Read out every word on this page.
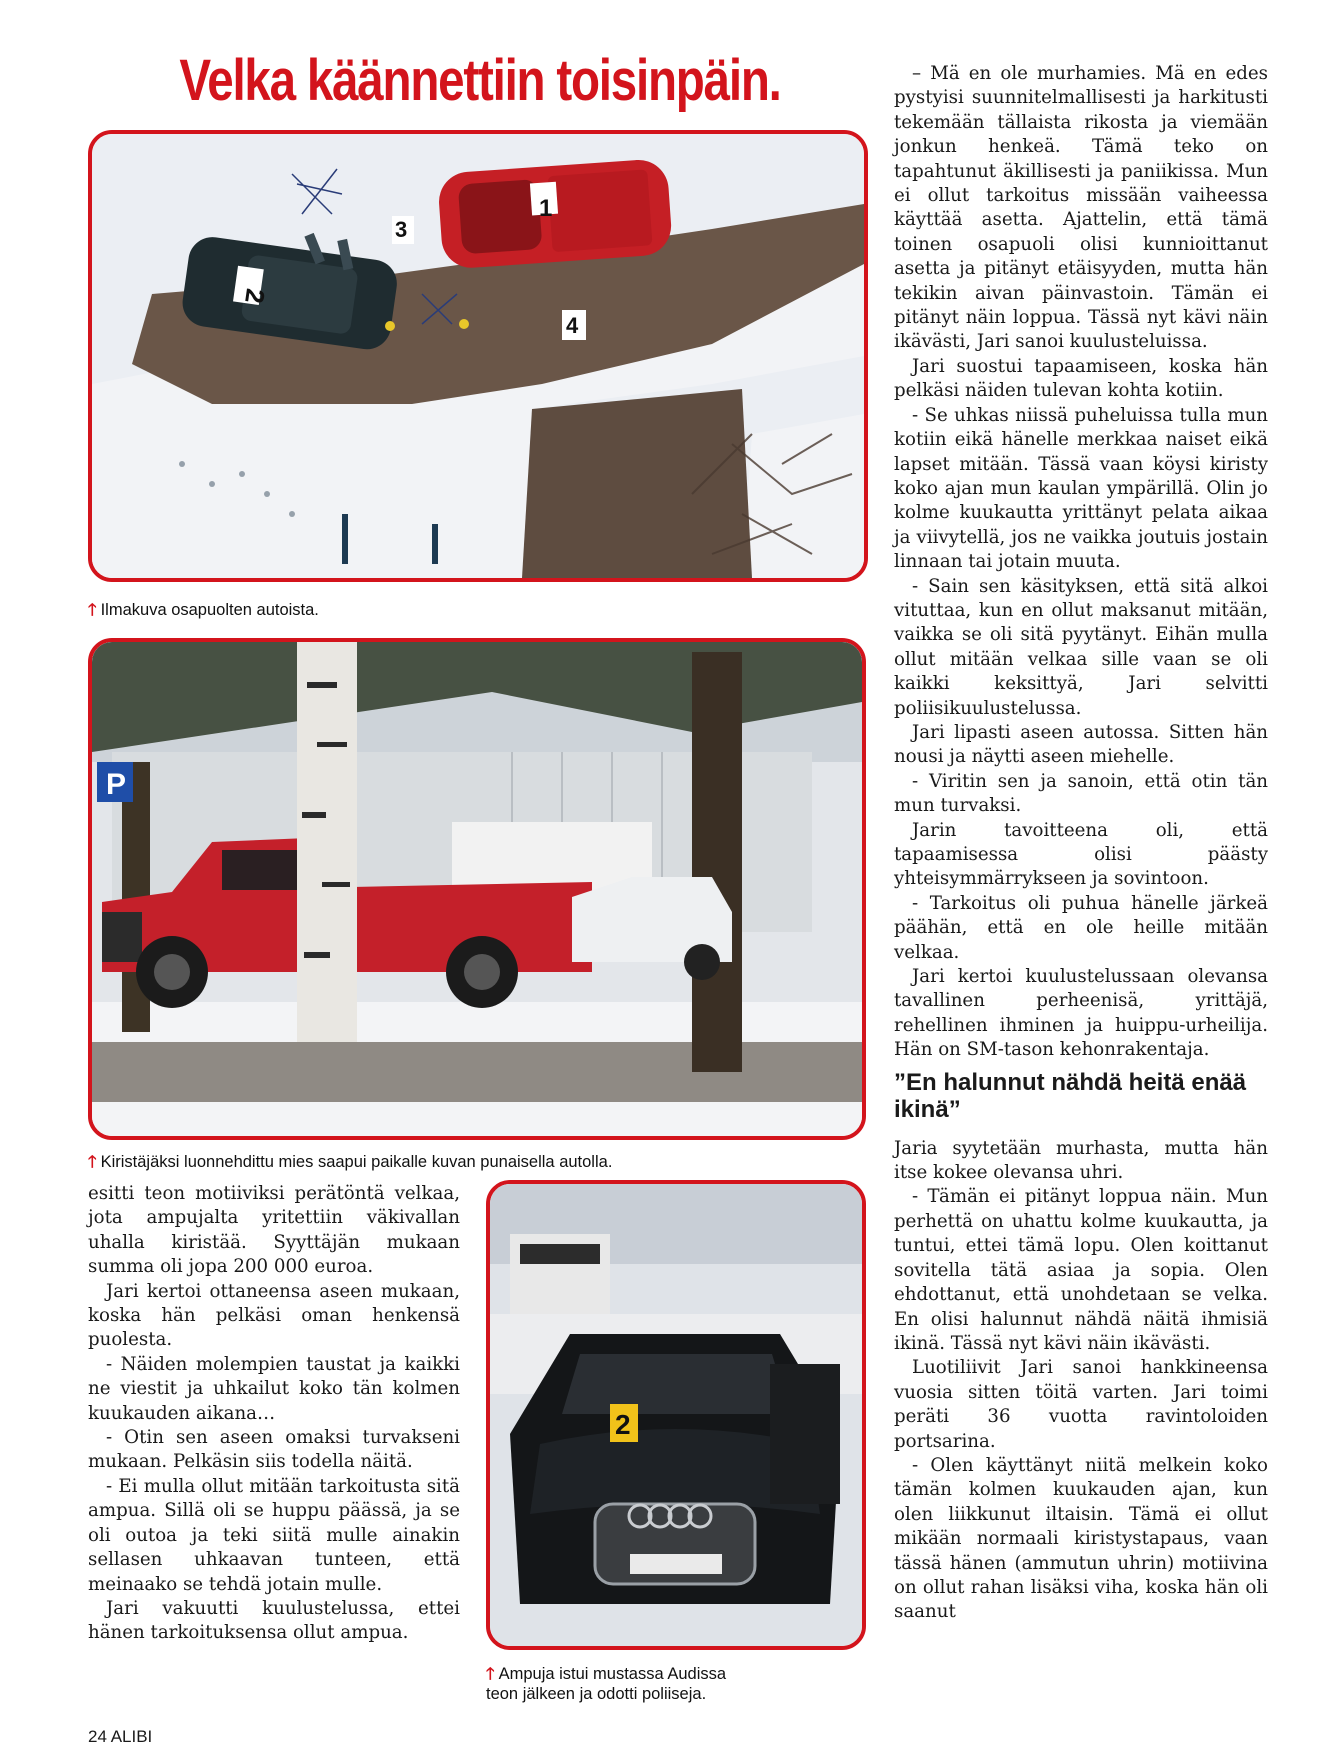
Velka käännettiin toisinpäin.
2
1
3
4
🡑 Ilmakuva osapuolten autoista.
P
🡑 Kiristäjäksi luonnehdittu mies saapui paikalle kuvan punaisella autolla.

esitti teon motiiviksi perätöntä velkaa, jota ampujalta yritettiin väkivallan uhalla kiristää. Syyttäjän mukaan summa oli jopa 200 000 euroa.

Jari kertoi ottaneensa aseen mukaan, koska hän pelkäsi oman henkensä puolesta.

- Näiden molempien taustat ja kaikki ne viestit ja uhkailut koko tän kolmen kuukauden aikana…

- Otin sen aseen omaksi turvakseni mukaan. Pelkäsin siis todella näitä.

- Ei mulla ollut mitään tarkoitusta sitä ampua. Sillä oli se huppu päässä, ja se oli outoa ja teki siitä mulle ainakin sellasen uhkaavan tunteen, että meinaako se tehdä jotain mulle.

Jari vakuutti kuulustelussa, ettei hänen tarkoituksensa ollut ampua.

2
🡑 Ampuja istui mustassa Audissa
teon jälkeen ja odotti poliiseja.

– Mä en ole murhamies. Mä en edes pystyisi suunnitelmallisesti ja harkitusti tekemään tällaista rikosta ja viemään jonkun henkeä. Tämä teko on tapahtunut äkillisesti ja paniikissa. Mun ei ollut tarkoitus missään vaiheessa käyttää asetta. Ajattelin, että tämä toinen osapuoli olisi kunnioittanut asetta ja pitänyt etäisyyden, mutta hän tekikin aivan päinvastoin. Tämän ei pitänyt näin loppua. Tässä nyt kävi näin ikävästi, Jari sanoi kuulusteluissa.

Jari suostui tapaamiseen, koska hän pelkäsi näiden tulevan kohta kotiin.

- Se uhkas niissä puheluissa tulla mun kotiin eikä hänelle merkkaa naiset eikä lapset mitään. Tässä vaan köysi kiristy koko ajan mun kaulan ympärillä. Olin jo kolme kuukautta yrittänyt pelata aikaa ja viivytellä, jos ne vaikka joutuis jostain linnaan tai jotain muuta.

- Sain sen käsityksen, että sitä alkoi vituttaa, kun en ollut maksanut mitään, vaikka se oli sitä pyytänyt. Eihän mulla ollut mitään velkaa sille vaan se oli kaikki keksittyä, Jari selvitti poliisikuulustelussa.

Jari lipasti aseen autossa. Sitten hän nousi ja näytti aseen miehelle.

- Viritin sen ja sanoin, että otin tän mun turvaksi.

Jarin tavoitteena oli, että tapaamisessa olisi päästy yhteisymmärrykseen ja sovintoon.

- Tarkoitus oli puhua hänelle järkeä päähän, että en ole heille mitään velkaa.

Jari kertoi kuulustelussaan olevansa tavallinen perheenisä, yrittäjä, rehellinen ihminen ja huippu-urheilija. Hän on SM-tason kehonrakentaja.

”En halunnut nähdä heitä enää ikinä”

Jaria syytetään murhasta, mutta hän itse kokee olevansa uhri.

- Tämän ei pitänyt loppua näin. Mun perhettä on uhattu kolme kuukautta, ja tuntui, ettei tämä lopu. Olen koittanut sovitella tätä asiaa ja sopia. Olen ehdottanut, että unohdetaan se velka. En olisi halunnut nähdä näitä ihmisiä ikinä. Tässä nyt kävi näin ikävästi.

Luotiliivit Jari sanoi hankkineensa vuosia sitten töitä varten. Jari toimi peräti 36 vuotta ravintoloiden portsarina.

- Olen käyttänyt niitä melkein koko tämän kolmen kuukauden ajan, kun olen liikkunut iltaisin. Tämä ei ollut mikään normaali kiristystapaus, vaan tässä hänen (ammutun uhrin) motiivina on ollut rahan lisäksi viha, koska hän oli saanut

24 ALIBI
